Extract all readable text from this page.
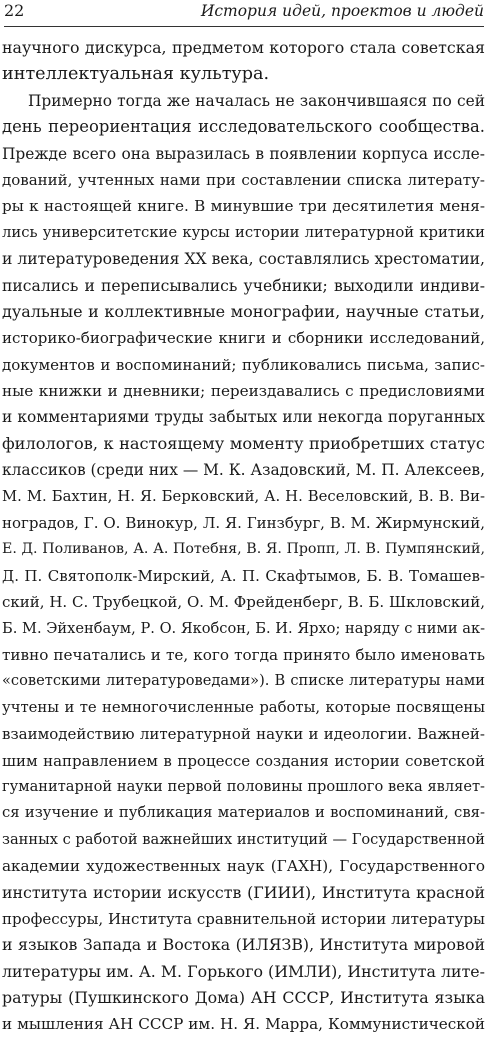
22	История идей, проектов и людей
научного дискурса, предметом которого стала советская
интеллектуальная культура.
Примерно тогда же началась не закончившаяся по сей
день переориентация исследовательского сообщества.
Прежде всего она выразилась в появлении корпуса иссле-
дований, учтенных нами при составлении списка литерату-
ры к настоящей книге. В минувшие три десятилетия меня-
лись университетские курсы истории литературной критики
и литературоведения XX века, составлялись хрестоматии,
писались и переписывались учебники; выходили индиви-
дуальные и коллективные монографии, научные статьи,
историко-биографические книги и сборники исследований,
документов и воспоминаний; публиковались письма, запис-
ные книжки и дневники; переиздавались с предисловиями
и комментариями труды забытых или некогда поруганных
филологов, к настоящему моменту приобретших статус
классиков (среди них — М. К. Азадовский, М. П. Алексеев,
М. М. Бахтин, Н. Я. Берковский, А. Н. Веселовский, В. В. Ви-
ноградов, Г. О. Винокур, Л. Я. Гинзбург, В. М. Жирмунский,
Е. Д. Поливанов, А. А. Потебня, В. Я. Пропп, Л. В. Пумпянский,
Д. П. Святополк-Мирский, А. П. Скафтымов, Б. В. Томашев-
ский, Н. С. Трубецкой, О. М. Фрейденберг, В. Б. Шкловский,
Б. М. Эйхенбаум, Р. О. Якобсон, Б. И. Ярхо; наряду с ними ак-
тивно печатались и те, кого тогда принято было именовать
«советскими литературоведами»). В списке литературы нами
учтены и те немногочисленные работы, которые посвящены
взаимодействию литературной науки и идеологии. Важней-
шим направлением в процессе создания истории советской
гуманитарной науки первой половины прошлого века являет-
ся изучение и публикация материалов и воспоминаний, свя-
занных с работой важнейших институций — Государственной
академии художественных наук (ГАХН), Государственного
института истории искусств (ГИИИ), Института красной
профессуры, Института сравнительной истории литературы
и языков Запада и Востока (ИЛЯЗВ), Института мировой
литературы им. А. М. Горького (ИМЛИ), Института лите-
ратуры (Пушкинского Дома) АН СССР, Института языка
и мышления АН СССР им. Н. Я. Марра, Коммунистической
